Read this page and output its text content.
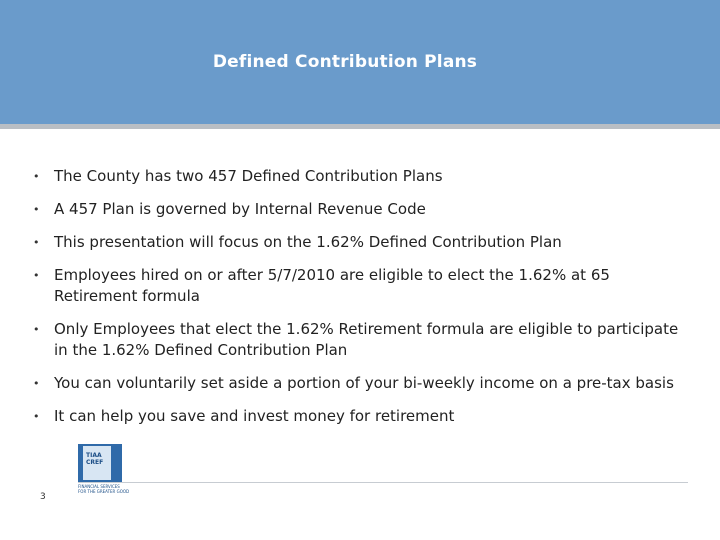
Defined Contribution Plans
• The County has two 457 Defined Contribution Plans
• A 457 Plan is governed by Internal Revenue Code
• This presentation will focus on the 1.62% Defined Contribution Plan
• Employees hired on or after 5/7/2010 are eligible to elect the 1.62% at 65 Retirement formula
• Only Employees that elect the 1.62% Retirement formula are eligible to participate in the 1.62% Defined Contribution Plan
• You can voluntarily set aside a portion of your bi-weekly income on a pre-tax basis
• It can help you save and invest money for retirement
TIAA
CREF
FINANCIAL SERVICES
FOR THE GREATER GOOD
3
